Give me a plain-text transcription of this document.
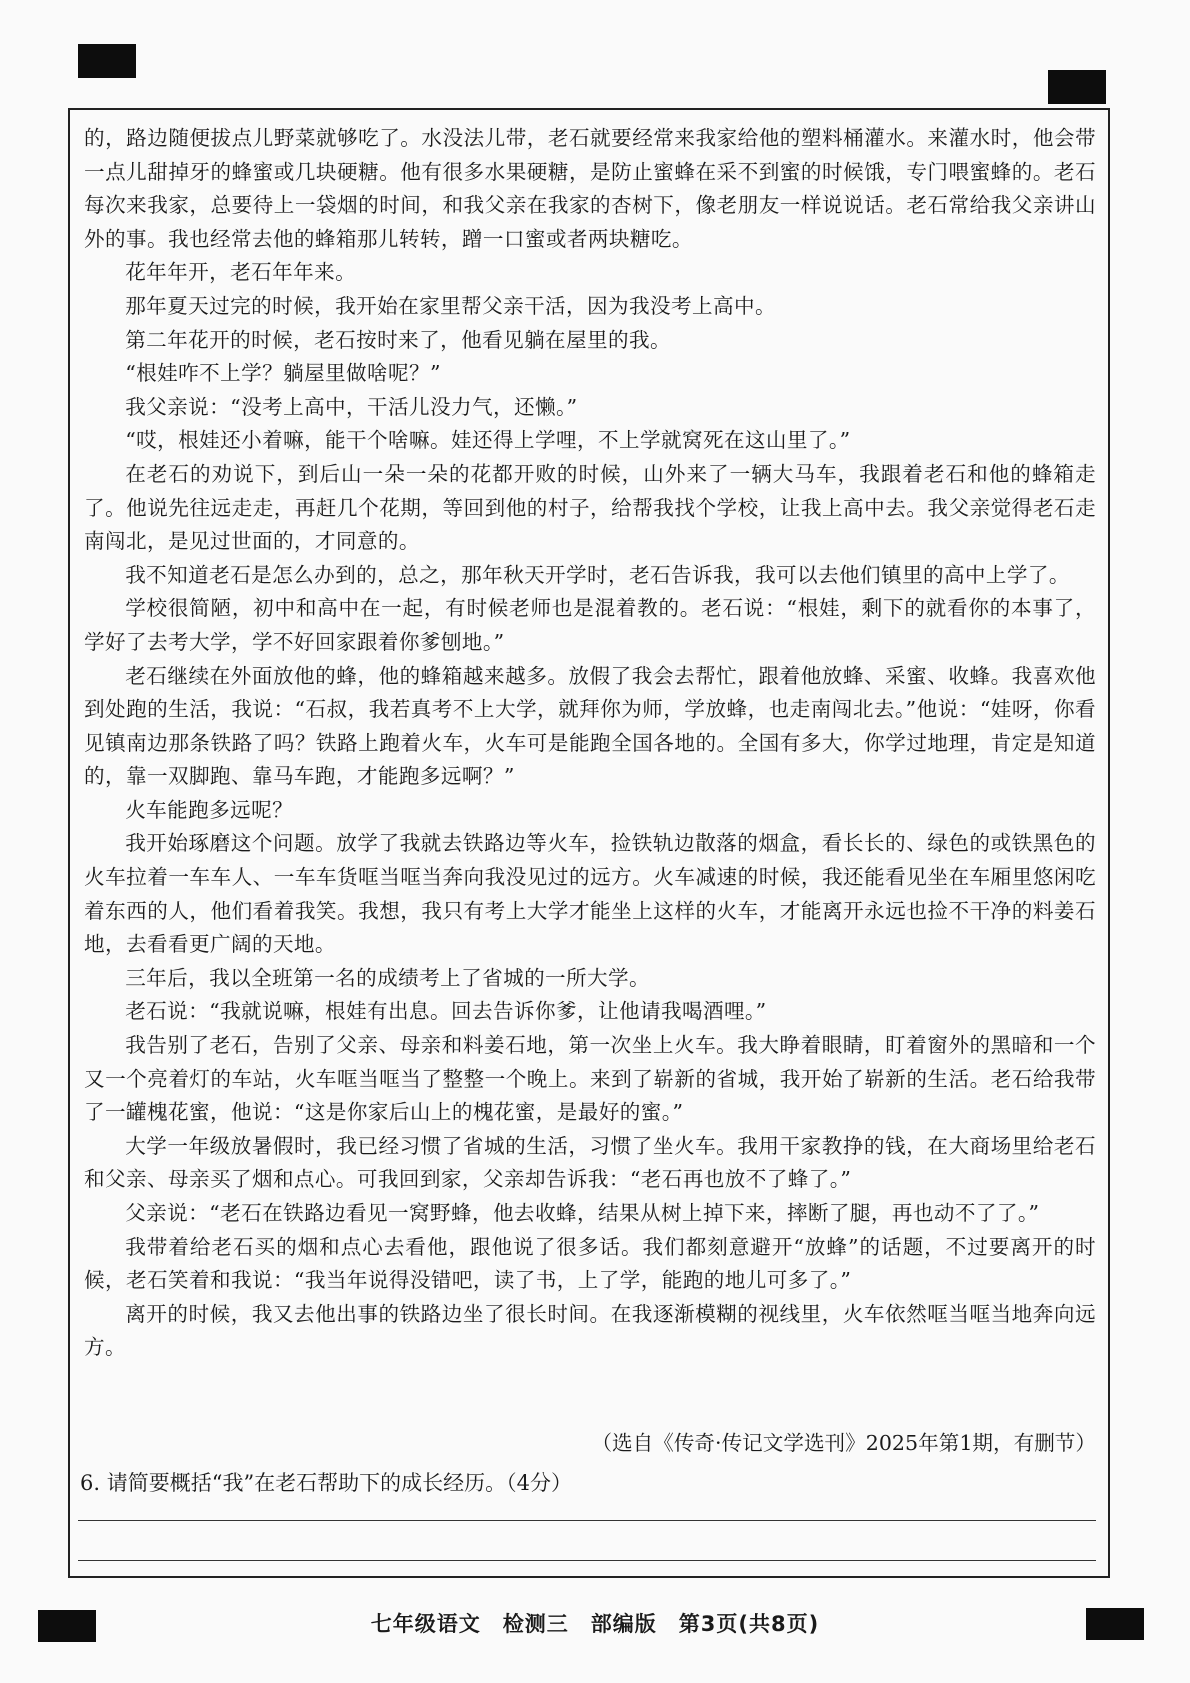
的，路边随便拔点儿野菜就够吃了。水没法儿带，老石就要经常来我家给他的塑料桶灌水。来灌水时，他会带一点儿甜掉牙的蜂蜜或几块硬糖。他有很多水果硬糖，是防止蜜蜂在采不到蜜的时候饿，专门喂蜜蜂的。老石每次来我家，总要待上一袋烟的时间，和我父亲在我家的杏树下，像老朋友一样说说话。老石常给我父亲讲山外的事。我也经常去他的蜂箱那儿转转，蹭一口蜜或者两块糖吃。

花年年开，老石年年来。

那年夏天过完的时候，我开始在家里帮父亲干活，因为我没考上高中。

第二年花开的时候，老石按时来了，他看见躺在屋里的我。

“根娃咋不上学？躺屋里做啥呢？”

我父亲说：“没考上高中，干活儿没力气，还懒。”

“哎，根娃还小着嘛，能干个啥嘛。娃还得上学哩，不上学就窝死在这山里了。”

在老石的劝说下，到后山一朵一朵的花都开败的时候，山外来了一辆大马车，我跟着老石和他的蜂箱走了。他说先往远走走，再赶几个花期，等回到他的村子，给帮我找个学校，让我上高中去。我父亲觉得老石走南闯北，是见过世面的，才同意的。

我不知道老石是怎么办到的，总之，那年秋天开学时，老石告诉我，我可以去他们镇里的高中上学了。

学校很简陋，初中和高中在一起，有时候老师也是混着教的。老石说：“根娃，剩下的就看你的本事了，学好了去考大学，学不好回家跟着你爹刨地。”

老石继续在外面放他的蜂，他的蜂箱越来越多。放假了我会去帮忙，跟着他放蜂、采蜜、收蜂。我喜欢他到处跑的生活，我说：“石叔，我若真考不上大学，就拜你为师，学放蜂，也走南闯北去。”他说：“娃呀，你看见镇南边那条铁路了吗？铁路上跑着火车，火车可是能跑全国各地的。全国有多大，你学过地理，肯定是知道的，靠一双脚跑、靠马车跑，才能跑多远啊？”

火车能跑多远呢？

我开始琢磨这个问题。放学了我就去铁路边等火车，捡铁轨边散落的烟盒，看长长的、绿色的或铁黑色的火车拉着一车车人、一车车货哐当哐当奔向我没见过的远方。火车减速的时候，我还能看见坐在车厢里悠闲吃着东西的人，他们看着我笑。我想，我只有考上大学才能坐上这样的火车，才能离开永远也捡不干净的料姜石地，去看看更广阔的天地。

三年后，我以全班第一名的成绩考上了省城的一所大学。

老石说：“我就说嘛，根娃有出息。回去告诉你爹，让他请我喝酒哩。”

我告别了老石，告别了父亲、母亲和料姜石地，第一次坐上火车。我大睁着眼睛，盯着窗外的黑暗和一个又一个亮着灯的车站，火车哐当哐当了整整一个晚上。来到了崭新的省城，我开始了崭新的生活。老石给我带了一罐槐花蜜，他说：“这是你家后山上的槐花蜜，是最好的蜜。”

大学一年级放暑假时，我已经习惯了省城的生活，习惯了坐火车。我用干家教挣的钱，在大商场里给老石和父亲、母亲买了烟和点心。可我回到家，父亲却告诉我：“老石再也放不了蜂了。”

父亲说：“老石在铁路边看见一窝野蜂，他去收蜂，结果从树上掉下来，摔断了腿，再也动不了了。”

我带着给老石买的烟和点心去看他，跟他说了很多话。我们都刻意避开“放蜂”的话题，不过要离开的时候，老石笑着和我说：“我当年说得没错吧，读了书，上了学，能跑的地儿可多了。”

离开的时候，我又去他出事的铁路边坐了很长时间。在我逐渐模糊的视线里，火车依然哐当哐当地奔向远方。

（选自《传奇·传记文学选刊》2025年第1期，有删节）
6. 请简要概括“我”在老石帮助下的成长经历。（4分）
七年级语文　检测三　部编版　第3页(共8页)
